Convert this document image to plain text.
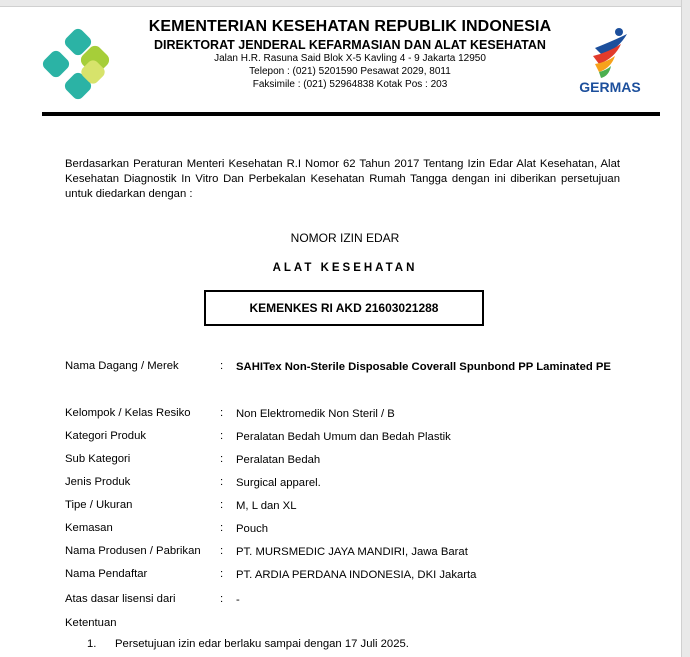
KEMENTERIAN KESEHATAN REPUBLIK INDONESIA
DIREKTORAT JENDERAL KEFARMASIAN DAN ALAT KESEHATAN
Jalan H.R. Rasuna Said Blok X-5 Kavling 4 - 9 Jakarta 12950
Telepon : (021) 5201590 Pesawat 2029, 8011
Faksimile : (021) 52964838 Kotak Pos : 203	GERMAS
Berdasarkan Peraturan Menteri Kesehatan R.I Nomor 62 Tahun 2017 Tentang Izin Edar Alat Kesehatan, Alat Kesehatan Diagnostik In Vitro Dan Perbekalan Kesehatan Rumah Tangga dengan ini diberikan persetujuan untuk diedarkan dengan :
NOMOR IZIN EDAR
ALAT KESEHATAN
KEMENKES RI AKD 21603021288
Nama Dagang / Merek	: SAHITex Non-Sterile Disposable Coverall Spunbond PP Laminated PE
Kelompok / Kelas Resiko	: Non Elektromedik Non Steril / B
Kategori Produk	: Peralatan Bedah Umum dan Bedah Plastik
Sub Kategori	: Peralatan Bedah
Jenis Produk	: Surgical apparel.
Tipe / Ukuran	: M, L dan XL
Kemasan	: Pouch
Nama Produsen / Pabrikan	: PT. MURSMEDIC JAYA MANDIRI, Jawa Barat
Nama Pendaftar	: PT. ARDIA PERDANA INDONESIA, DKI Jakarta
Atas dasar lisensi dari	: -
Ketentuan
1. Persetujuan izin edar berlaku sampai dengan 17 Juli 2025.
